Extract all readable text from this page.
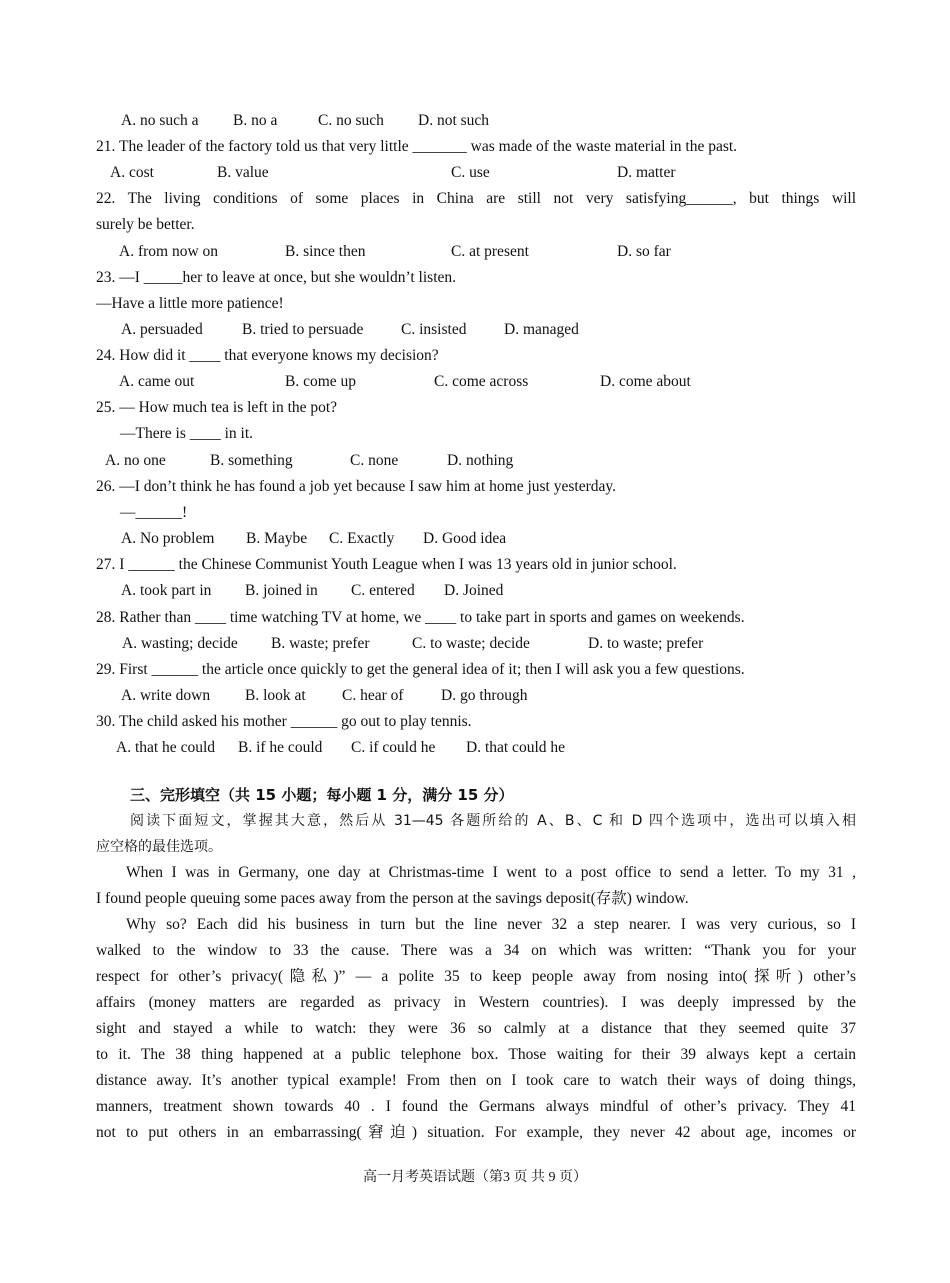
A. no such a	B. no a	C. no such	D. not such
21. The leader of the factory told us that very little _______ was made of the waste material in the past.
A. cost	B. value	C. use	D. matter
22. The living conditions of some places in China are still not very satisfying______, but things will
surely be better.
A. from now on	B. since then	C. at present	D. so far
23. —I _____her to leave at once, but she wouldn’t listen.
—Have a little more patience!
A. persuaded	B. tried to persuade	C. insisted	D. managed
24. How did it ____ that everyone knows my decision?
A. came out	B. come up	C. come across	D. come about
25. — How much tea is left in the pot?
—There is ____ in it.
A. no one	B. something	C. none	D. nothing
26. —I don’t think he has found a job yet because I saw him at home just yesterday.
—______!
A. No problem	B. Maybe	C. Exactly	D. Good idea
27. I ______ the Chinese Communist Youth League when I was 13 years old in junior school.
A. took part in	B. joined in	C. entered	D. Joined
28. Rather than ____ time watching TV at home, we ____ to take part in sports and games on weekends.
A. wasting; decide	B. waste; prefer	C. to waste; decide	D. to waste; prefer
29. First ______ the article once quickly to get the general idea of it; then I will ask you a few questions.
A. write down	B. look at	C. hear of	D. go through
30. The child asked his mother ______ go out to play tennis.
A. that he could	B. if he could	C. if could he	D. that could he
三、完形填空（共 15 小题；每小题 1 分，满分 15 分）
阅读下面短文，掌握其大意，然后从 31—45 各题所给的 A、B、C 和 D 四个选项中，选出可以填入相
应空格的最佳选项。
When I was in Germany, one day at Christmas-time I went to a post office to send a letter. To my 31 ,
I found people queuing some paces away from the person at the savings deposit(存款) window.
Why so? Each did his business in turn but the line never 32 a step nearer. I was very curious, so I
walked to the window to 33 the cause. There was a 34 on which was written: “Thank you for your
respect for other’s privacy(隐私)” — a polite 35 to keep people away from nosing into(探听) other’s
affairs (money matters are regarded as privacy in Western countries). I was deeply impressed by the
sight and stayed a while to watch: they were 36 so calmly at a distance that they seemed quite 37
to it. The 38 thing happened at a public telephone box. Those waiting for their 39 always kept a certain
distance away. It’s another typical example! From then on I took care to watch their ways of doing things,
manners, treatment shown towards 40 . I found the Germans always mindful of other’s privacy. They 41
not to put others in an embarrassing(窘迫) situation. For example, they never 42 about age, incomes or
高一月考英语试题（第3 页 共 9 页）
